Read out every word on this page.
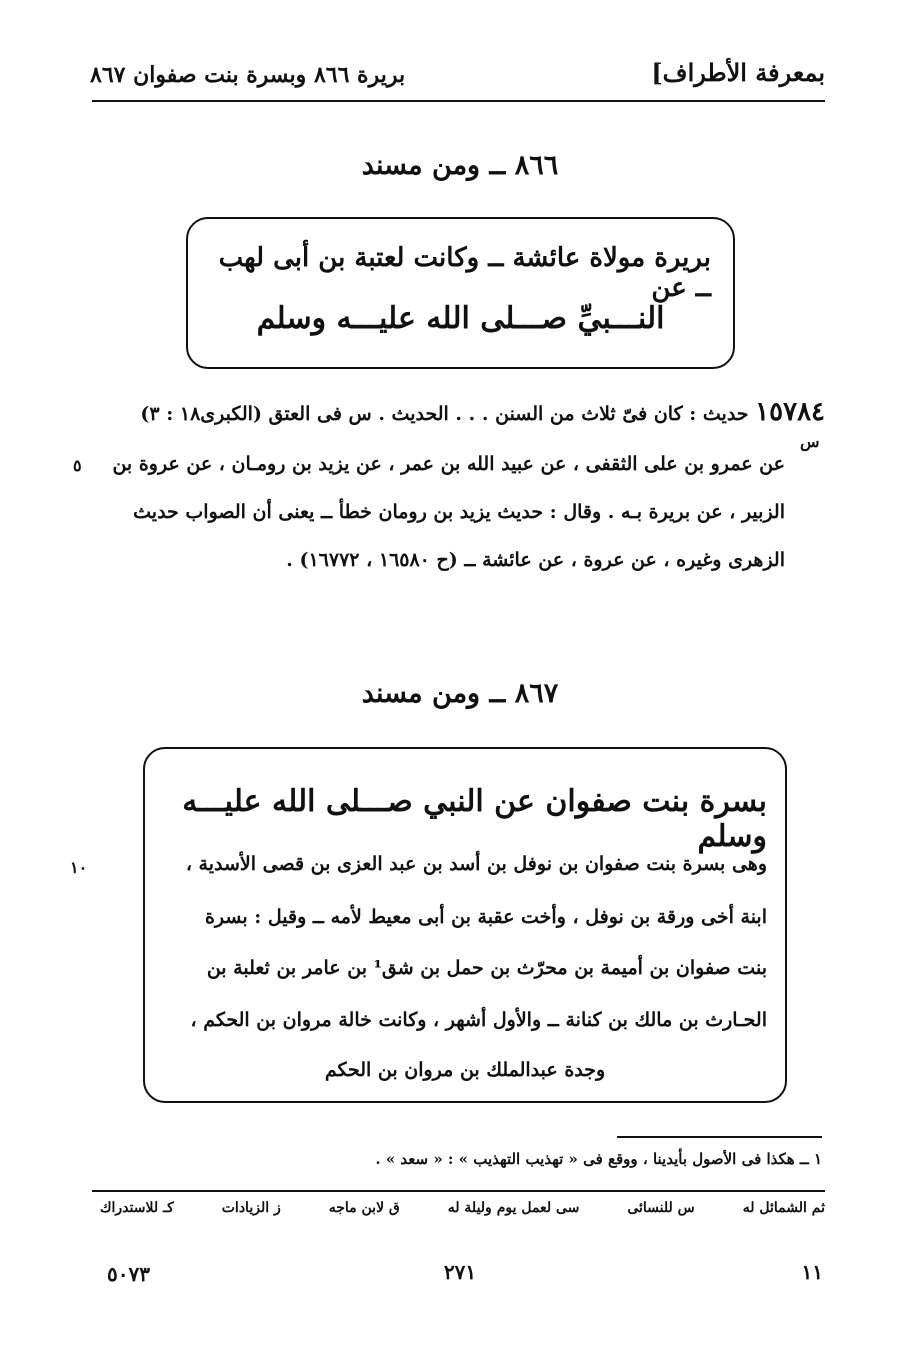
بمعرفة الأطراف]
بريرة ٨٦٦ وبسرة بنت صفوان ٨٦٧
٨٦٦ ــ ومن مسند
بريرة مولاة عائشة ــ وكانت لعتبة بن أبى لهب ــ عن
النـــبيِّ صـــلى الله عليـــه وسلم
١٥٧٨٤ حديث : كان فىّ ثلاث من السنن . . . الحديث . س فى العتق (الكبرى١٨ : ٣)
س
عن عمرو بن على الثقفى ، عن عبيد الله بن عمر ، عن يزيد بن رومـان ، عن عروة بن
٥
الزبير ، عن بريرة بـه . وقال : حديث يزيد بن رومان خطأ ــ يعنى أن الصواب حديث
الزهرى وغيره ، عن عروة ، عن عائشة ــ (ح ١٦٥٨٠ ، ١٦٧٧٢) .
٨٦٧ ــ ومن مسند
بسرة بنت صفوان عن النبي صـــلى الله عليـــه وسلم
وهى بسرة بنت صفوان بن نوفل بن أسد بن عبد العزى بن قصى الأسدية ،
ابنة أخى ورقة بن نوفل ، وأخت عقبة بن أبى معيط لأمه ــ وقيل : بسرة
بنت صفوان بن أميمة بن محرّث بن حمل بن شق¹ بن عامر بن ثعلبة بن
الحـارث بن مالك بن كنانة ــ والأول أشهر ، وكانت خالة مروان بن الحكم ،
وجدة عبدالملك بن مروان بن الحكم
١٠
١ ــ هكذا فى الأصول بأيدينا ، ووقع فى « تهذيب التهذيب » : « سعد » .
ثم الشمائل له
س للنسائى
سى لعمل يوم وليلة له
ق لابن ماجه
ز الزيادات
كـ للاستدراك
١١
٢٧١
٥٠٧٣
